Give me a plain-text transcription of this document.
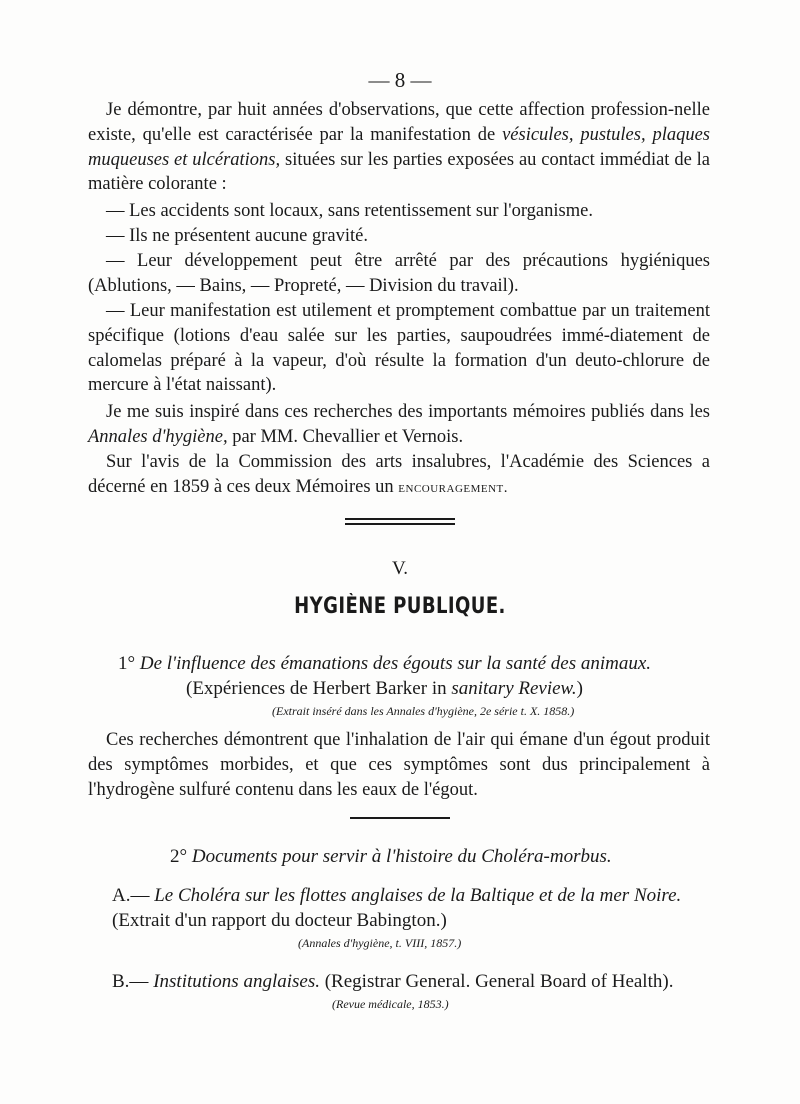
— 8 —

Je démontre, par huit années d'observations, que cette affection profession-nelle existe, qu'elle est caractérisée par la manifestation de vésicules, pustules, plaques muqueuses et ulcérations, situées sur les parties exposées au contact immédiat de la matière colorante :

— Les accidents sont locaux, sans retentissement sur l'organisme.

— Ils ne présentent aucune gravité.

— Leur développement peut être arrêté par des précautions hygiéniques (Ablutions, — Bains, — Propreté, — Division du travail).

— Leur manifestation est utilement et promptement combattue par un traitement spécifique (lotions d'eau salée sur les parties, saupoudrées immé-diatement de calomelas préparé à la vapeur, d'où résulte la formation d'un deuto-chlorure de mercure à l'état naissant).

Je me suis inspiré dans ces recherches des importants mémoires publiés dans les Annales d'hygiène, par MM. Chevallier et Vernois.

Sur l'avis de la Commission des arts insalubres, l'Académie des Sciences a décerné en 1859 à ces deux Mémoires un encouragement.

V.
HYGIÈNE PUBLIQUE.

1° De l'influence des émanations des égouts sur la santé des animaux.

(Expériences de Herbert Barker in sanitary Review.)

(Extrait inséré dans les Annales d'hygiène, 2e série t. X. 1858.)

Ces recherches démontrent que l'inhalation de l'air qui émane d'un égout produit des symptômes morbides, et que ces symptômes sont dus principalement à l'hydrogène sulfuré contenu dans les eaux de l'égout.

2° Documents pour servir à l'histoire du Choléra-morbus.

A.— Le Choléra sur les flottes anglaises de la Baltique et de la mer Noire.

(Extrait d'un rapport du docteur Babington.)

(Annales d'hygiène, t. VIII, 1857.)

B.— Institutions anglaises. (Registrar General. General Board of Health).

(Revue médicale, 1853.)
